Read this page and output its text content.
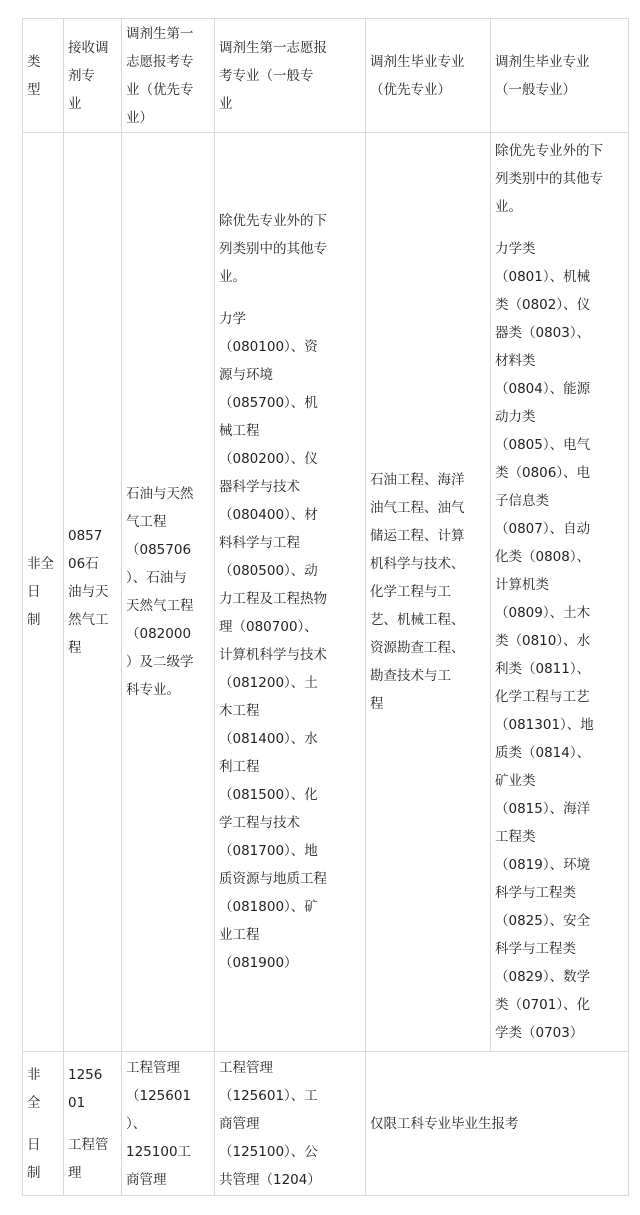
类
型

接收调
剂专
业

调剂生第一
志愿报考专
业（优先专
业）

调剂生第一志愿报
考专业（一般专
业

调剂生毕业专业
（优先专业）

调剂生毕业专业
（一般专业）

非全
日
制

0857
06石
油与天
然气工
程

石油与天然
气工程
（085706
）、石油与
天然气工程
（082000
）及二级学
科专业。

除优先专业外的下
列类别中的其他专
业。

力学
（080100）、资
源与环境
（085700）、机
械工程
（080200）、仪
器科学与技术
（080400）、材
料科学与工程
（080500）、动
力工程及工程热物
理（080700）、
计算机科学与技术
（081200）、土
木工程
（081400）、水
利工程
（081500）、化
学工程与技术
（081700）、地
质资源与地质工程
（081800）、矿
业工程
（081900）

石油工程、海洋
油气工程、油气
储运工程、计算
机科学与技术、
化学工程与工
艺、机械工程、
资源勘查工程、
勘查技术与工
程

除优先专业外的下
列类别中的其他专
业。

力学类
（0801）、机械
类（0802）、仪
器类（0803）、
材料类
（0804）、能源
动力类
（0805）、电气
类（0806）、电
子信息类
（0807）、自动
化类（0808）、
计算机类
（0809）、土木
类（0810）、水
利类（0811）、
化学工程与工艺
（081301）、地
质类（0814）、
矿业类
（0815）、海洋
工程类
（0819）、环境
科学与工程类
（0825）、安全
科学与工程类
（0829）、数学
类（0701）、化
学类（0703）

非
全

日
制

1256
01

工程管
理

工程管理
（125601
）、
125100工
商管理

工程管理
（125601）、工
商管理
（125100）、公
共管理（1204）

仅限工科专业毕业生报考
